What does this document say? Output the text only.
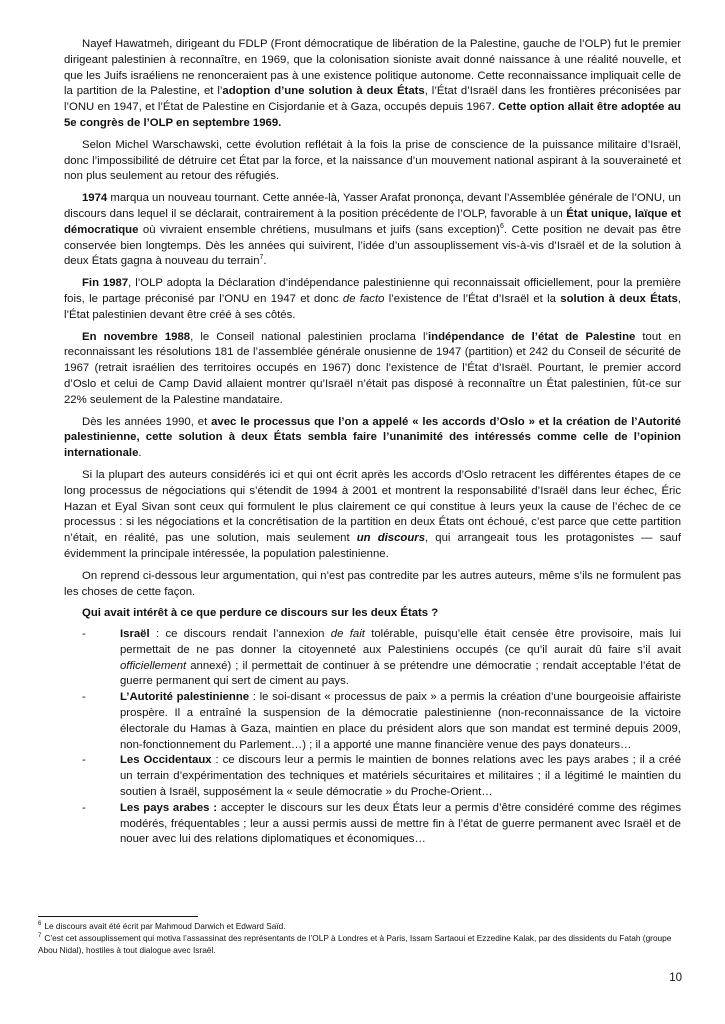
Nayef Hawatmeh, dirigeant du FDLP (Front démocratique de libération de la Palestine, gauche de l’OLP) fut le premier dirigeant palestinien à reconnaître, en 1969, que la colonisation sioniste avait donné naissance à une réalité nouvelle, et que les Juifs israéliens ne renonceraient pas à une existence politique autonome. Cette reconnaissance impliquait celle de la partition de la Palestine, et l’adoption d’une solution à deux États, l’État d’Israël dans les frontières préconisées par l’ONU en 1947, et l’État de Palestine en Cisjordanie et à Gaza, occupés depuis 1967. Cette option allait être adoptée au 5e congrès de l’OLP en septembre 1969.

Selon Michel Warschawski, cette évolution reflétait à la fois la prise de conscience de la puissance militaire d’Israël, donc l’impossibilité de détruire cet État par la force, et la naissance d’un mouvement national aspirant à la souveraineté et non plus seulement au retour des réfugiés.

1974 marqua un nouveau tournant. Cette année-là, Yasser Arafat prononça, devant l’Assemblée générale de l’ONU, un discours dans lequel il se déclarait, contrairement à la position précédente de l’OLP, favorable à un État unique, laïque et démocratique où vivraient ensemble chrétiens, musulmans et juifs (sans exception)$^6$. Cette position ne devait pas être conservée bien longtemps. Dès les années qui suivirent, l’idée d’un assouplissement vis-à-vis d’Israël et de la solution à deux États gagna à nouveau du terrain$^7$.

Fin 1987, l’OLP adopta la Déclaration d’indépendance palestinienne qui reconnaissait officiellement, pour la première fois, le partage préconisé par l’ONU en 1947 et donc de facto l’existence de l’État d’Israël et la solution à deux États, l’État palestinien devant être créé à ses côtés.

En novembre 1988, le Conseil national palestinien proclama l’indépendance de l’état de Palestine tout en reconnaissant les résolutions 181 de l’assemblée générale onusienne de 1947 (partition) et 242 du Conseil de sécurité de 1967 (retrait israélien des territoires occupés en 1967) donc l’existence de l’État d’Israël. Pourtant, le premier accord d’Oslo et celui de Camp David allaient montrer qu’Israël n’était pas disposé à reconnaître un État palestinien, fût-ce sur 22% seulement de la Palestine mandataire.

Dès les années 1990, et avec le processus que l’on a appelé « les accords d’Oslo » et la création de l’Autorité palestinienne, cette solution à deux États sembla faire l’unanimité des intéressés comme celle de l’opinion internationale.

Si la plupart des auteurs considérés ici et qui ont écrit après les accords d’Oslo retracent les différentes étapes de ce long processus de négociations qui s’étendit de 1994 à 2001 et montrent la responsabilité d’Israël dans leur échec, Éric Hazan et Eyal Sivan sont ceux qui formulent le plus clairement ce qui constitue à leurs yeux la cause de l’échec de ce processus : si les négociations et la concrétisation de la partition en deux États ont échoué, c’est parce que cette partition n’était, en réalité, pas une solution, mais seulement un discours, qui arrangeait tous les protagonistes — sauf évidemment la principale intéressée, la population palestinienne.

On reprend ci-dessous leur argumentation, qui n’est pas contredite par les autres auteurs, même s’ils ne formulent pas les choses de cette façon.

Qui avait intérêt à ce que perdure ce discours sur les deux États ?

-	Israël : ce discours rendait l’annexion de fait tolérable, puisqu’elle était censée être provisoire, mais lui permettait de ne pas donner la citoyenneté aux Palestiniens occupés (ce qu’il aurait dû faire s’il avait officiellement annexé) ; il permettait de continuer à se prétendre une démocratie ; rendait acceptable l’état de guerre permanent qui sert de ciment au pays.
-	L’Autorité palestinienne : le soi-disant « processus de paix » a permis la création d’une bourgeoisie affairiste prospère. Il a entraîné la suspension de la démocratie palestinienne (non-reconnaissance de la victoire électorale du Hamas à Gaza, maintien en place du président alors que son mandat est terminé depuis 2009, non-fonctionnement du Parlement…) ; il a apporté une manne financière venue des pays donateurs…
-	Les Occidentaux : ce discours leur a permis le maintien de bonnes relations avec les pays arabes ; il a créé un terrain d’expérimentation des techniques et matériels sécuritaires et militaires ; il a légitimé le maintien du soutien à Israël, supposément la « seule démocratie » du Proche-Orient…
-	Les pays arabes : accepter le discours sur les deux États leur a permis d’être considéré comme des régimes modérés, fréquentables ; leur a aussi permis aussi de mettre fin à l’état de guerre permanent avec Israël et de nouer avec lui des relations diplomatiques et économiques…

$^6$ Le discours avait été écrit par Mahmoud Darwich et Edward Saïd.

$^7$ C’est cet assouplissement qui motiva l’assassinat des représentants de l’OLP à Londres et à Paris, Issam Sartaoui et Ezzedine Kalak, par des dissidents du Fatah (groupe Abou Nidal), hostiles à tout dialogue avec Israël.

10
